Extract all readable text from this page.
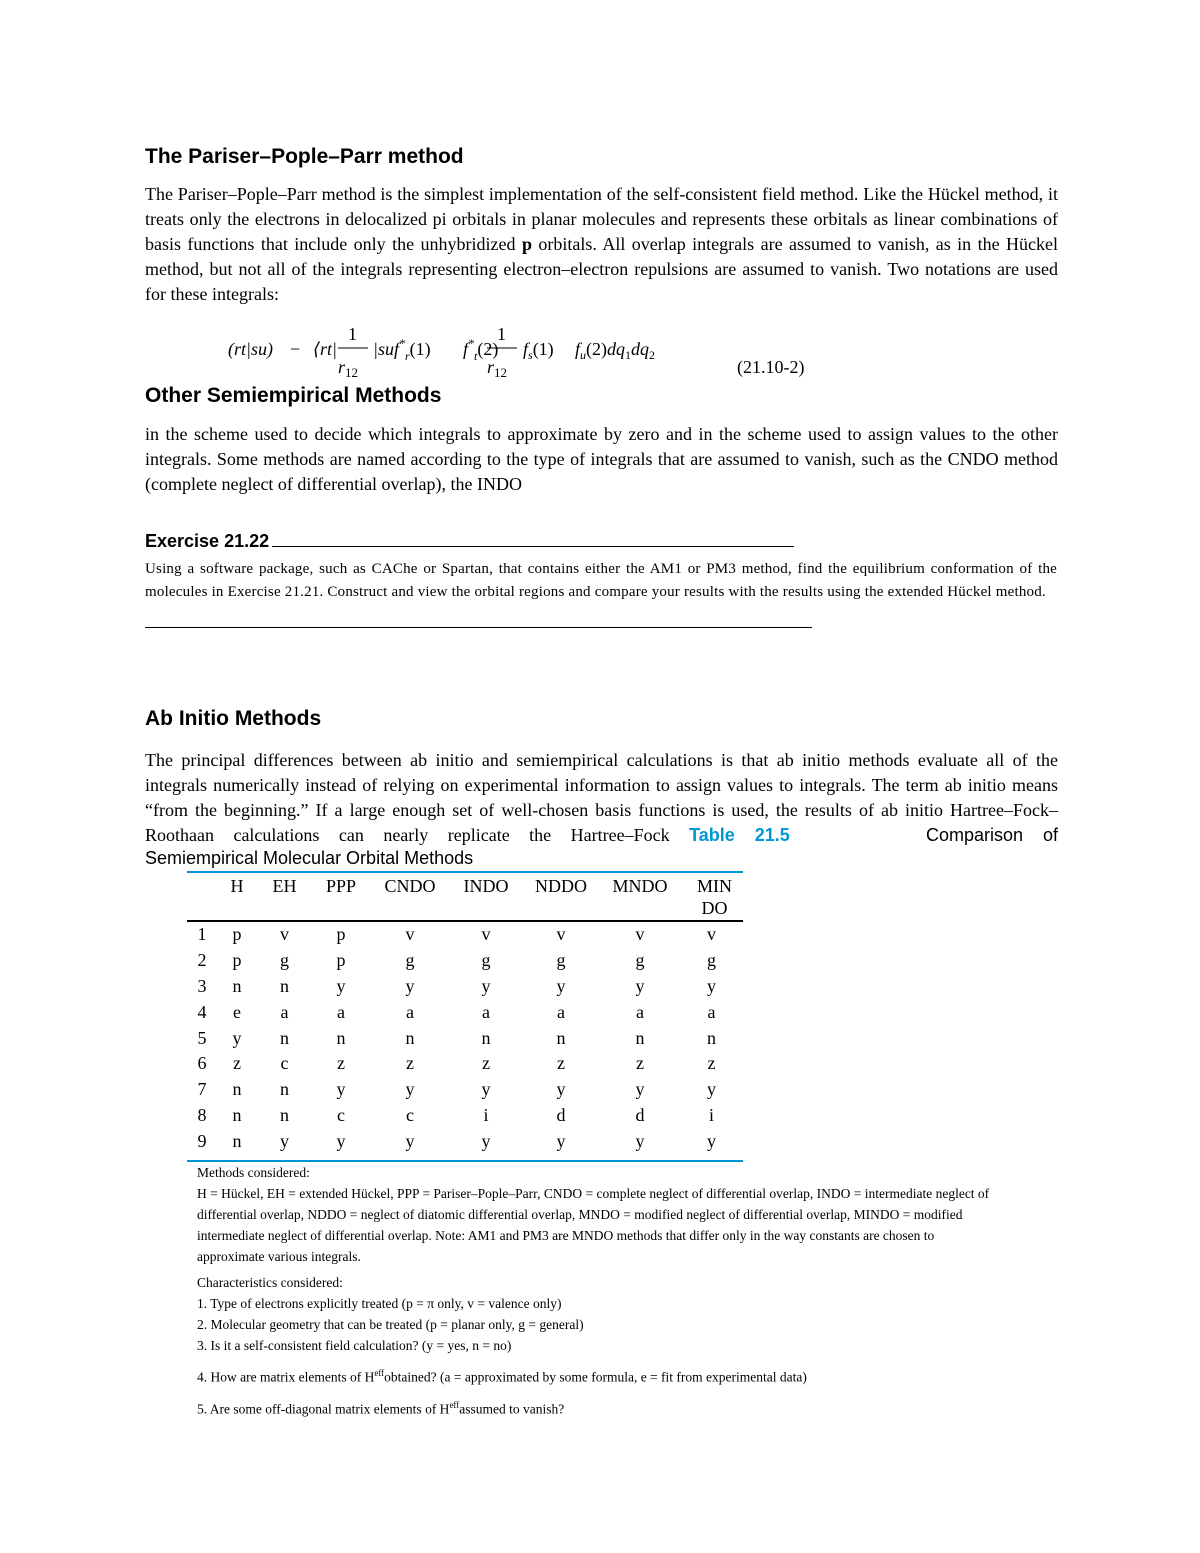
The Pariser–Pople–Parr method

The Pariser–Pople–Parr method is the simplest implementation of the self-consistent field method. Like the Hückel method, it treats only the electrons in delocalized pi orbitals in planar molecules and represents these orbitals as linear combinations of basis functions that include only the unhybridized p orbitals. All overlap integrals are assumed to vanish, as in the Hückel method, but not all of the integrals representing electron–electron repulsions are assumed to vanish. Two notations are used for these integrals:

(rt|su) − ⟨rt|
1
$r_{12}$
|suf*$_r$(1) $f^*_t(2)$
1
$r_{12}$
$f_s(1)$ $f_u(2)dq_1dq_2$
(21.10-2)
Other Semiempirical Methods

in the scheme used to decide which integrals to approximate by zero and in the scheme used to assign values to the other integrals. Some methods are named according to the type of integrals that are assumed to vanish, such as the CNDO method (complete neglect of differential overlap), the INDO

Exercise 21.22
Using a software package, such as CAChe or Spartan, that contains either the AM1 or PM3 method, find the equilibrium conformation of the molecules in Exercise 21.21. Construct and view the orbital regions and compare your results with the results using the extended Hückel method.
Ab Initio Methods

The principal differences between ab initio and semiempirical calculations is that ab initio methods evaluate all of the integrals numerically instead of relying on experimental information to assign values to integrals. The term ab initio means “from the beginning.” If a large enough set of well-chosen basis functions is used, the results of ab initio Hartree–Fock–Roothaan calculations can nearly replicate the Hartree–Fock Table 21.5	Comparison of

Semiempirical Molecular Orbital Methods

	H	EH	PPP	CNDO	INDO	NDDO	MNDO	MIN DO
1	p	v	p	v	v	v	v	v
2	p	g	p	g	g	g	g	g
3	n	n	y	y	y	y	y	y
4	e	a	a	a	a	a	a	a
5	y	n	n	n	n	n	n	n
6	z	c	z	z	z	z	z	z
7	n	n	y	y	y	y	y	y
8	n	n	c	c	i	d	d	i
9	n	y	y	y	y	y	y	y

Methods considered:

H = Hückel, EH = extended Hückel, PPP = Pariser–Pople–Parr, CNDO = complete neglect of differential overlap, INDO = intermediate neglect of differential overlap, NDDO = neglect of diatomic differential overlap, MNDO = modified neglect of differential overlap, MINDO = modified intermediate neglect of differential overlap. Note: AM1 and PM3 are MNDO methods that differ only in the way constants are chosen to approximate various integrals.

Characteristics considered:

1. Type of electrons explicitly treated (p = π only, v = valence only)

2. Molecular geometry that can be treated (p = planar only, g = general)

3. Is it a self-consistent field calculation? (y = yes, n = no)

4. How are matrix elements of $H^{eff}obtained$? (a = approximated by some formula, e = fit from experimental data)

5. Are some off-diagonal matrix elements of $H^{eff}assumed$ to vanish?
